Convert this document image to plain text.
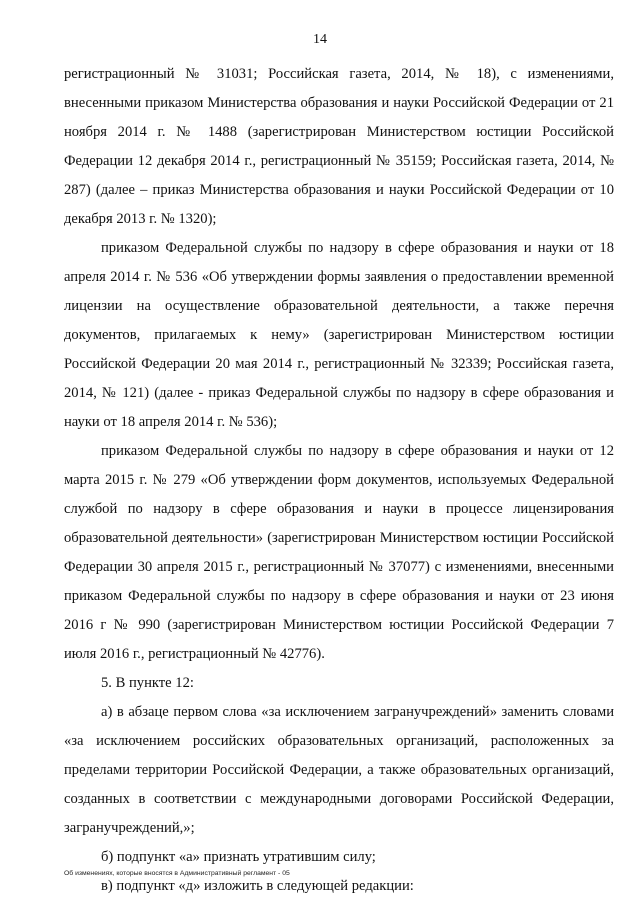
14

регистрационный № 31031; Российская газета, 2014, № 18), с изменениями, внесенными приказом Министерства образования и науки Российской Федерации от 21 ноября 2014 г. № 1488 (зарегистрирован Министерством юстиции Российской Федерации 12 декабря 2014 г., регистрационный № 35159; Российская газета, 2014, № 287) (далее – приказ Министерства образования и науки Российской Федерации от 10 декабря 2013 г. № 1320);

приказом Федеральной службы по надзору в сфере образования и науки от 18 апреля 2014 г. № 536 «Об утверждении формы заявления о предоставлении временной лицензии на осуществление образовательной деятельности, а также перечня документов, прилагаемых к нему» (зарегистрирован Министерством юстиции Российской Федерации 20 мая 2014 г., регистрационный № 32339; Российская газета, 2014, № 121) (далее - приказ Федеральной службы по надзору в сфере образования и науки от 18 апреля 2014 г. № 536);

приказом Федеральной службы по надзору в сфере образования и науки от 12 марта 2015 г. № 279 «Об утверждении форм документов, используемых Федеральной службой по надзору в сфере образования и науки в процессе лицензирования образовательной деятельности» (зарегистрирован Министерством юстиции Российской Федерации 30 апреля 2015 г., регистрационный № 37077) с изменениями, внесенными приказом Федеральной службы по надзору в сфере образования и науки от 23 июня 2016 г № 990 (зарегистрирован Министерством юстиции Российской Федерации 7 июля 2016 г., регистрационный № 42776).

5. В пункте 12:

а) в абзаце первом слова «за исключением загранучреждений» заменить словами «за исключением российских образовательных организаций, расположенных за пределами территории Российской Федерации, а также образовательных организаций, созданных в соответствии с международными договорами Российской Федерации, загранучреждений,»;

б) подпункт «а» признать утратившим силу;

в) подпункт «д» изложить в следующей редакции:

Об изменениях, которые вносятся в Административный регламент - 05
